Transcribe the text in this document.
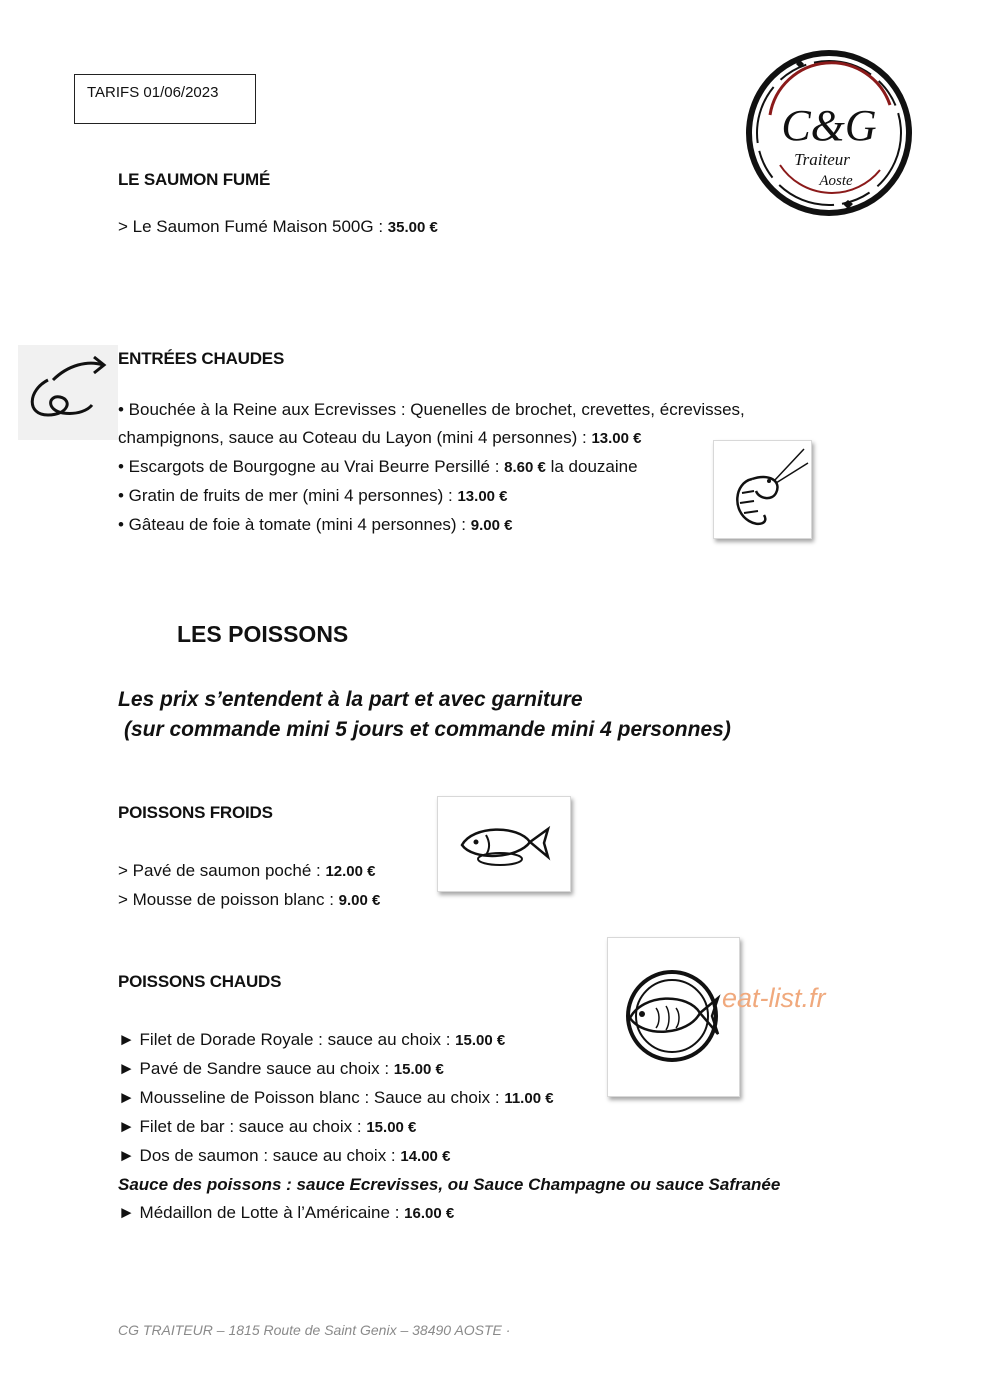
TARIFS 01/06/2023
C&G
Traiteur
Aoste
LE SAUMON FUMÉ
> Le Saumon Fumé Maison 500G : 35.00 €
ENTRÉES CHAUDES
• Bouchée à la Reine aux Ecrevisses : Quenelles de brochet, crevettes, écrevisses,
champignons, sauce au Coteau du Layon (mini 4 personnes) : 13.00 €
• Escargots de Bourgogne au Vrai Beurre Persillé : 8.60 € la douzaine
• Gratin de fruits de mer (mini 4 personnes) : 13.00 €
• Gâteau de foie à tomate (mini 4 personnes) : 9.00 €
LES POISSONS
Les prix s’entendent à la part et avec garniture
(sur commande mini 5 jours et commande mini 4 personnes)
POISSONS FROIDS
> Pavé de saumon poché : 12.00 €
> Mousse de poisson blanc : 9.00 €
eat-list.fr
POISSONS CHAUDS
► Filet de Dorade Royale : sauce au choix : 15.00 €
► Pavé de Sandre sauce au choix : 15.00 €
► Mousseline de Poisson blanc : Sauce au choix : 11.00 €
► Filet de bar : sauce au choix : 15.00 €
► Dos de saumon : sauce au choix : 14.00 €
Sauce des poissons : sauce Ecrevisses, ou Sauce Champagne ou sauce Safranée
► Médaillon de Lotte à l’Américaine : 16.00 €
CG TRAITEUR – 1815 Route de Saint Genix – 38490 AOSTE ·
